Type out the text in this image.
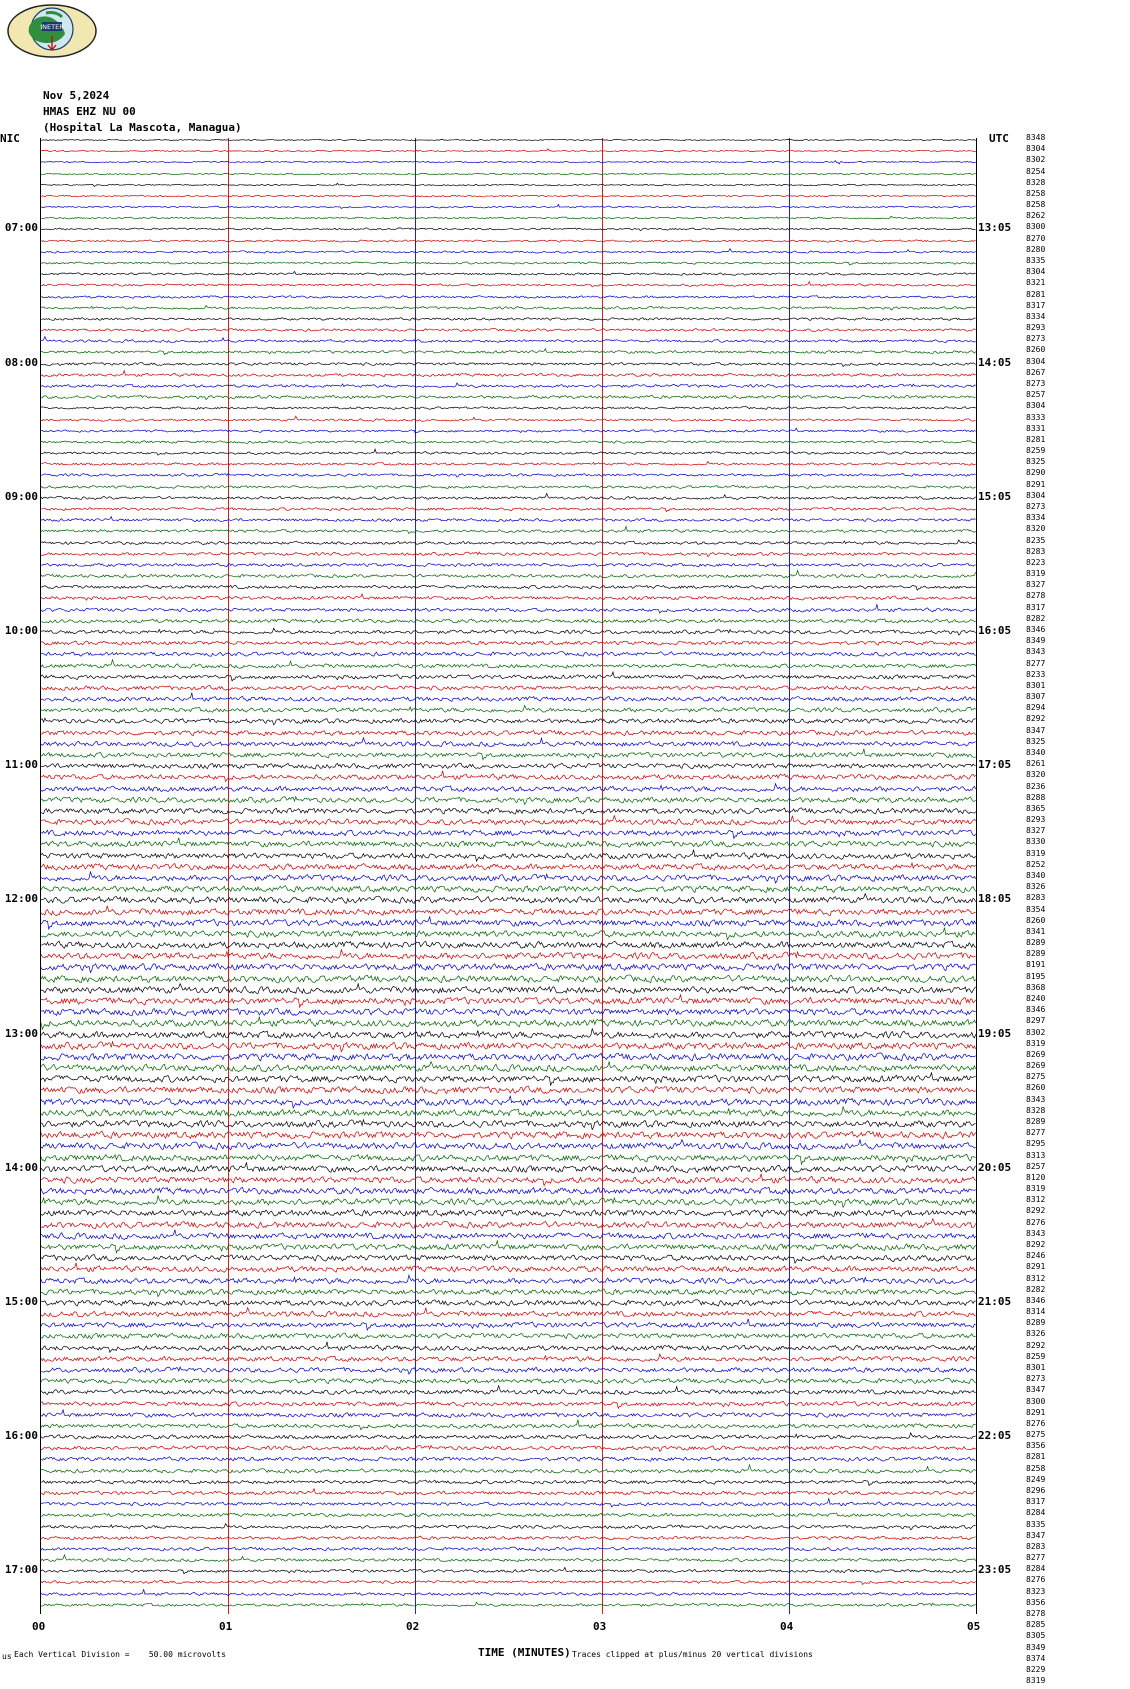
INETER
Nov 5,2024
HMAS EHZ NU 00
(Hospital La Mascota, Managua)
NIC	UTC
07:00
08:00
09:00
10:00
11:00
12:00
13:00
14:00
15:00
16:00
17:00
13:05
14:05
15:05
16:05
17:05
18:05
19:05
20:05
21:05
22:05
23:05
8348
8304
8302
8254
8328
8258
8258
8262
8300
8270
8280
8335
8304
8321
8281
8317
8334
8293
8273
8260
8304
8267
8273
8257
8304
8333
8331
8281
8259
8325
8290
8291
8304
8273
8334
8320
8235
8283
8223
8319
8327
8278
8317
8282
8346
8349
8343
8277
8233
8301
8307
8294
8292
8347
8325
8340
8261
8320
8236
8288
8365
8293
8327
8330
8319
8252
8340
8326
8283
8354
8260
8341
8289
8289
8191
8195
8368
8240
8346
8297
8302
8319
8269
8269
8275
8260
8343
8328
8289
8277
8295
8313
8257
8120
8319
8312
8292
8276
8343
8292
8246
8291
8312
8282
8346
8314
8289
8326
8292
8259
8301
8273
8347
8300
8291
8276
8275
8356
8281
8258
8249
8296
8317
8284
8335
8347
8283
8277
8284
8276
8323
8356
8278
8285
8305
8349
8374
8229
8319
00	01	02	03	04	05
us Each Vertical Division =    50.00 microvolts	TIME (MINUTES) Traces clipped at plus/minus 20 vertical divisions
